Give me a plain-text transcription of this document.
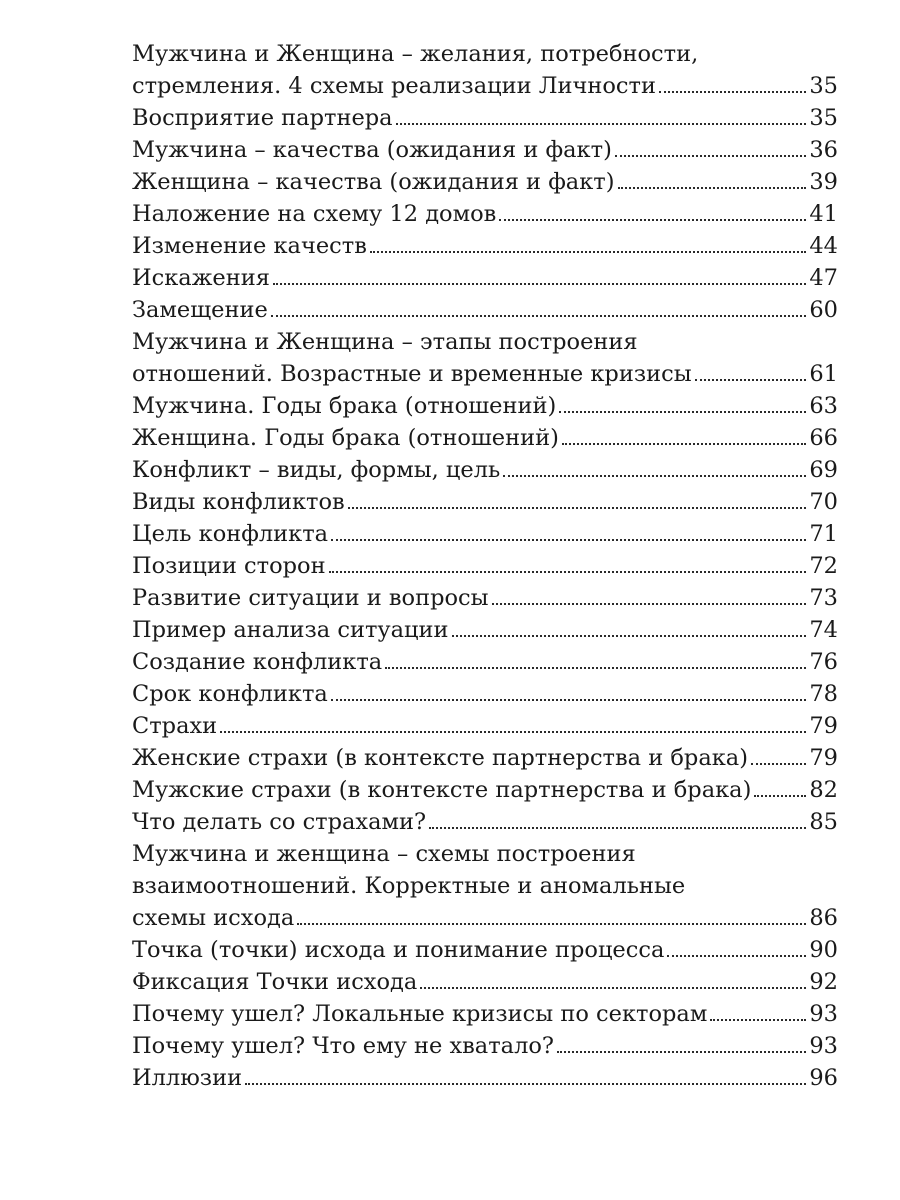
Мужчина и Женщина – желания, потребности,
стремления. 4 схемы реализации Личности	35
Восприятие партнера	35
Мужчина – качества (ожидания и факт)	36
Женщина – качества (ожидания и факт)	39
Наложение на схему 12 домов	41
Изменение качеств	44
Искажения	47
Замещение	60
Мужчина и Женщина – этапы построения
отношений. Возрастные и временные кризисы	61
Мужчина. Годы брака (отношений)	63
Женщина. Годы брака (отношений)	66
Конфликт – виды, формы, цель	69
Виды конфликтов	70
Цель конфликта	71
Позиции сторон	72
Развитие ситуации и вопросы	73
Пример анализа ситуации	74
Создание конфликта	76
Срок конфликта	78
Страхи	79
Женские страхи (в контексте партнерства и брака)	79
Мужские страхи (в контексте партнерства и брака)	82
Что делать со страхами?	85
Мужчина и женщина – схемы построения
взаимоотношений. Корректные и аномальные
схемы исхода	86
Точка (точки) исхода и понимание процесса	90
Фиксация Точки исхода	92
Почему ушел? Локальные кризисы по секторам	93
Почему ушел? Что ему не хватало?	93
Иллюзии	96
